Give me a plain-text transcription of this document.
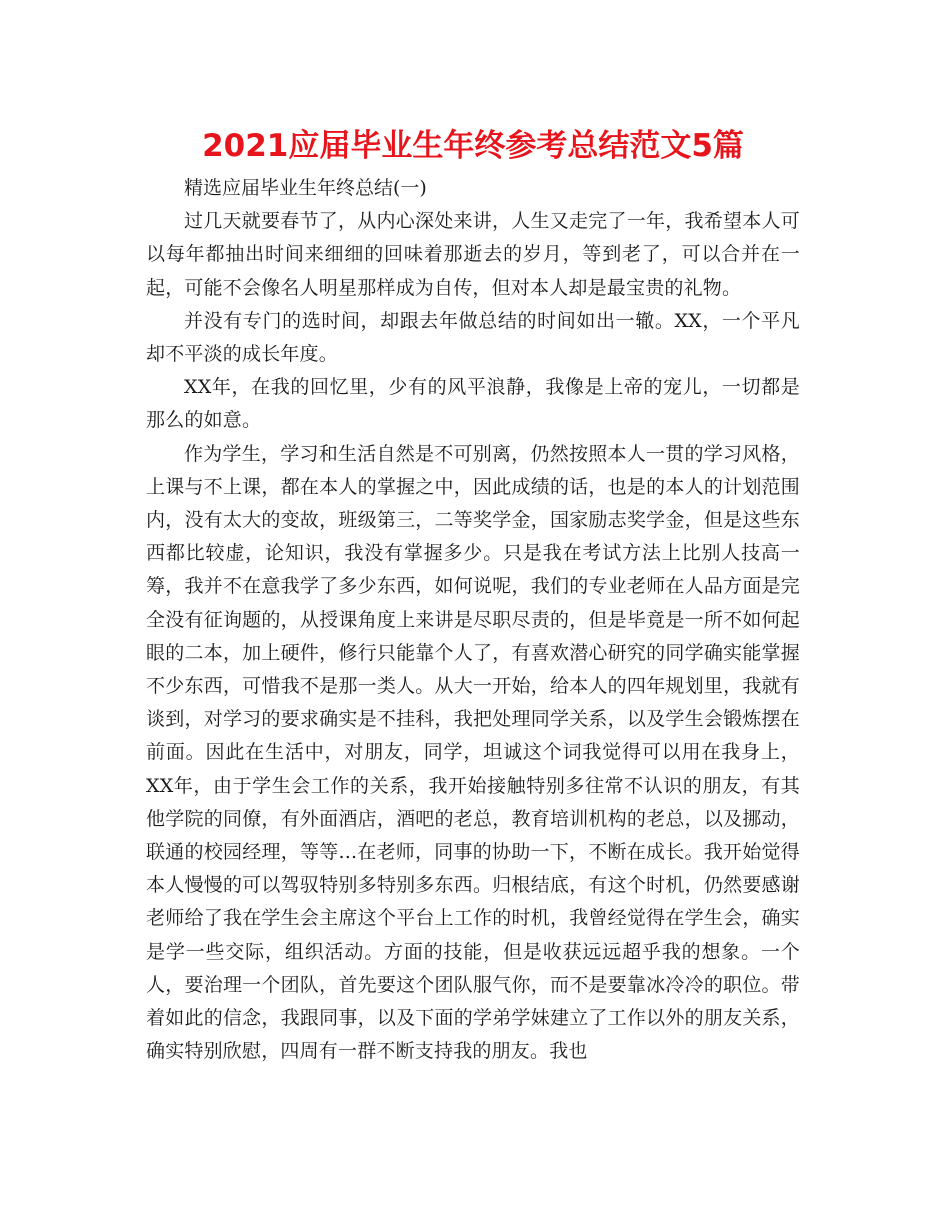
2021应届毕业生年终参考总结范文5篇

精选应届毕业生年终总结(一)

过几天就要春节了，从内心深处来讲，人生又走完了一年，我希望本人可以每年都抽出时间来细细的回味着那逝去的岁月，等到老了，可以合并在一起，可能不会像名人明星那样成为自传，但对本人却是最宝贵的礼物。

并没有专门的选时间，却跟去年做总结的时间如出一辙。XX，一个平凡却不平淡的成长年度。

XX年，在我的回忆里，少有的风平浪静，我像是上帝的宠儿，一切都是那么的如意。

作为学生，学习和生活自然是不可别离，仍然按照本人一贯的学习风格，上课与不上课，都在本人的掌握之中，因此成绩的话，也是的本人的计划范围内，没有太大的变故，班级第三，二等奖学金，国家励志奖学金，但是这些东西都比较虚，论知识，我没有掌握多少。只是我在考试方法上比别人技高一筹，我并不在意我学了多少东西，如何说呢，我们的专业老师在人品方面是完全没有征询题的，从授课角度上来讲是尽职尽责的，但是毕竟是一所不如何起眼的二本，加上硬件，修行只能靠个人了，有喜欢潜心研究的同学确实能掌握不少东西，可惜我不是那一类人。从大一开始，给本人的四年规划里，我就有谈到，对学习的要求确实是不挂科，我把处理同学关系，以及学生会锻炼摆在前面。因此在生活中，对朋友，同学，坦诚这个词我觉得可以用在我身上，XX年，由于学生会工作的关系，我开始接触特别多往常不认识的朋友，有其他学院的同僚，有外面酒店，酒吧的老总，教育培训机构的老总，以及挪动，联通的校园经理，等等...在老师，同事的协助一下，不断在成长。我开始觉得本人慢慢的可以驾驭特别多特别多东西。归根结底，有这个时机，仍然要感谢老师给了我在学生会主席这个平台上工作的时机，我曾经觉得在学生会，确实是学一些交际，组织活动。方面的技能，但是收获远远超乎我的想象。一个人，要治理一个团队，首先要这个团队服气你，而不是要靠冰冷冷的职位。带着如此的信念，我跟同事，以及下面的学弟学妹建立了工作以外的朋友关系，确实特别欣慰，四周有一群不断支持我的朋友。我也
